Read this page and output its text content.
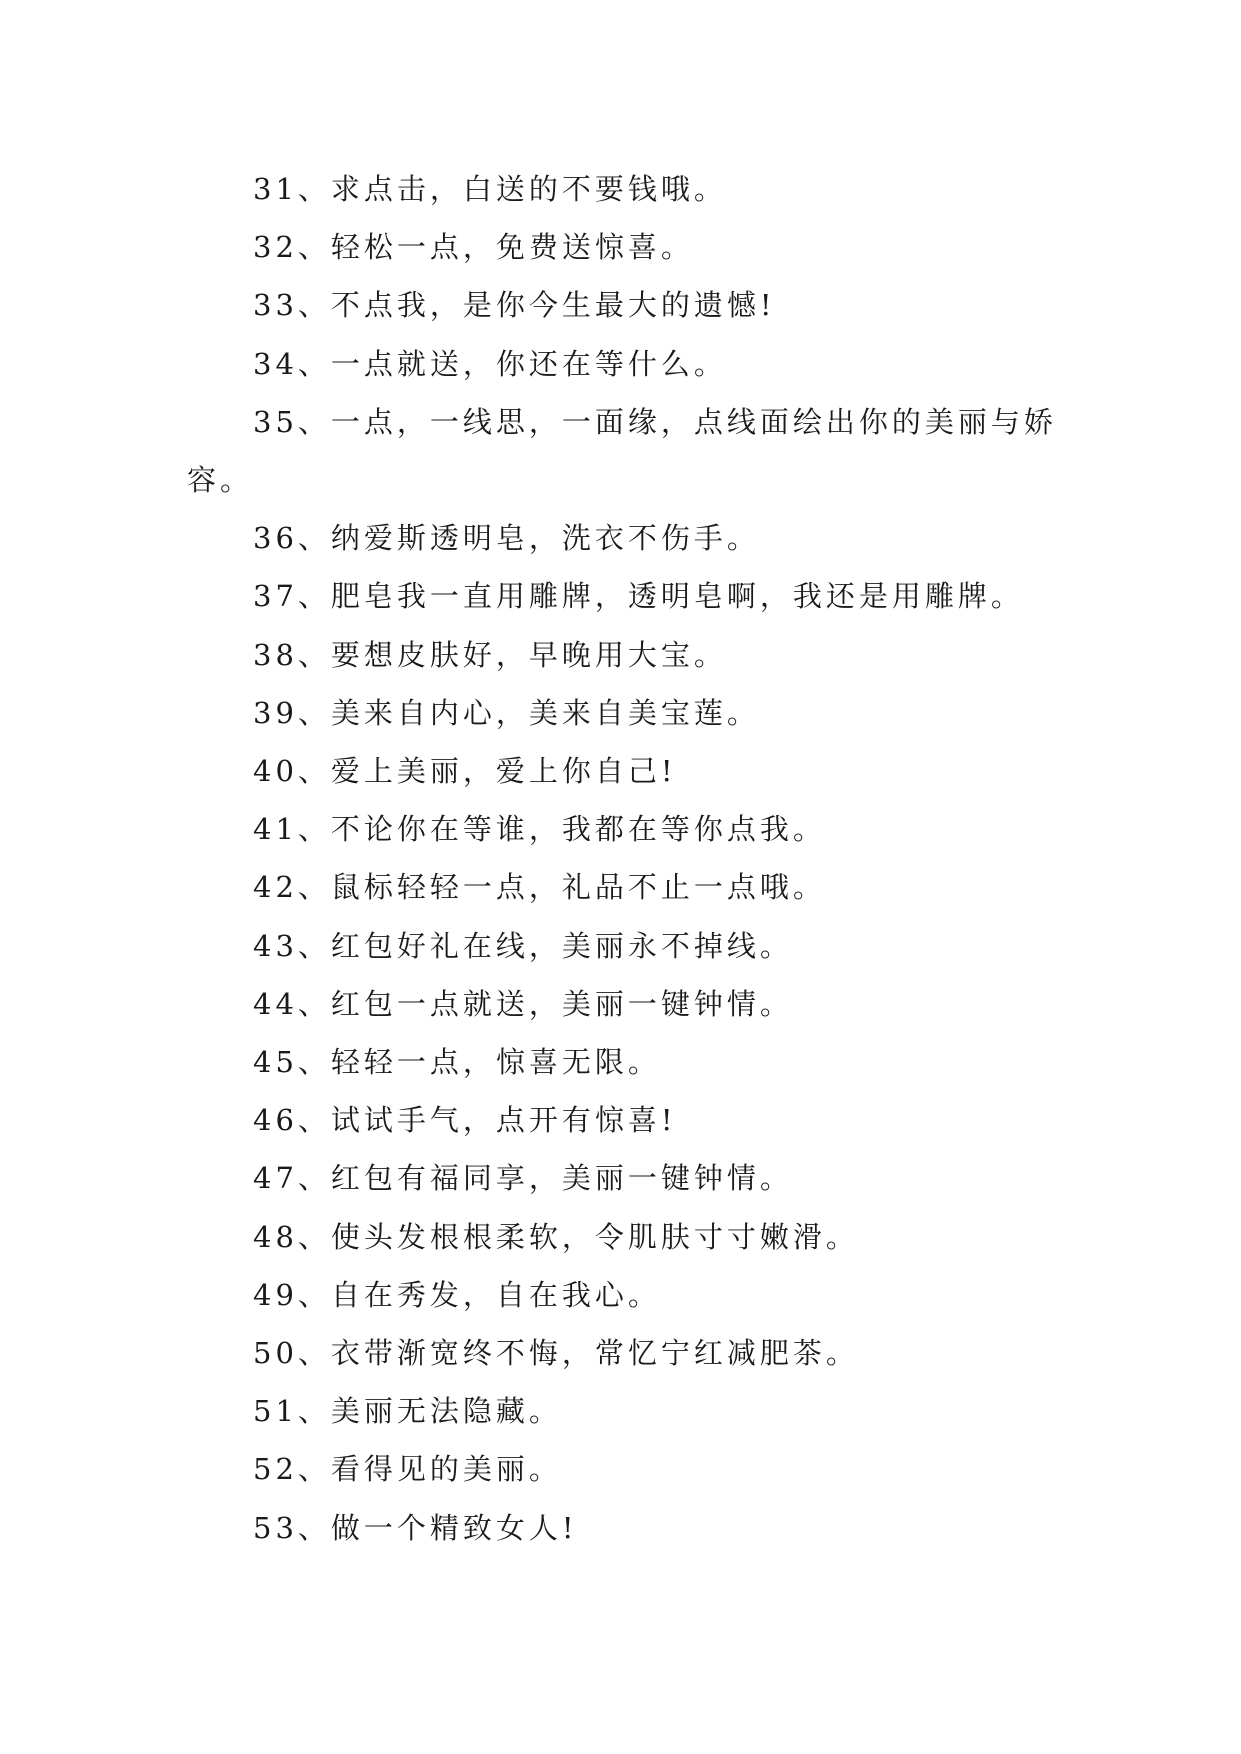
31、求点击，白送的不要钱哦。

32、轻松一点，免费送惊喜。

33、不点我，是你今生最大的遗憾!

34、一点就送，你还在等什么。

35、一点，一线思，一面缘，点线面绘出你的美丽与娇容。

36、纳爱斯透明皂，洗衣不伤手。

37、肥皂我一直用雕牌，透明皂啊，我还是用雕牌。

38、要想皮肤好，早晚用大宝。

39、美来自内心，美来自美宝莲。

40、爱上美丽，爱上你自己!

41、不论你在等谁，我都在等你点我。

42、鼠标轻轻一点，礼品不止一点哦。

43、红包好礼在线，美丽永不掉线。

44、红包一点就送，美丽一键钟情。

45、轻轻一点，惊喜无限。

46、试试手气，点开有惊喜!

47、红包有福同享，美丽一键钟情。

48、使头发根根柔软，令肌肤寸寸嫩滑。

49、自在秀发，自在我心。

50、衣带渐宽终不悔，常忆宁红减肥茶。

51、美丽无法隐藏。

52、看得见的美丽。

53、做一个精致女人!
